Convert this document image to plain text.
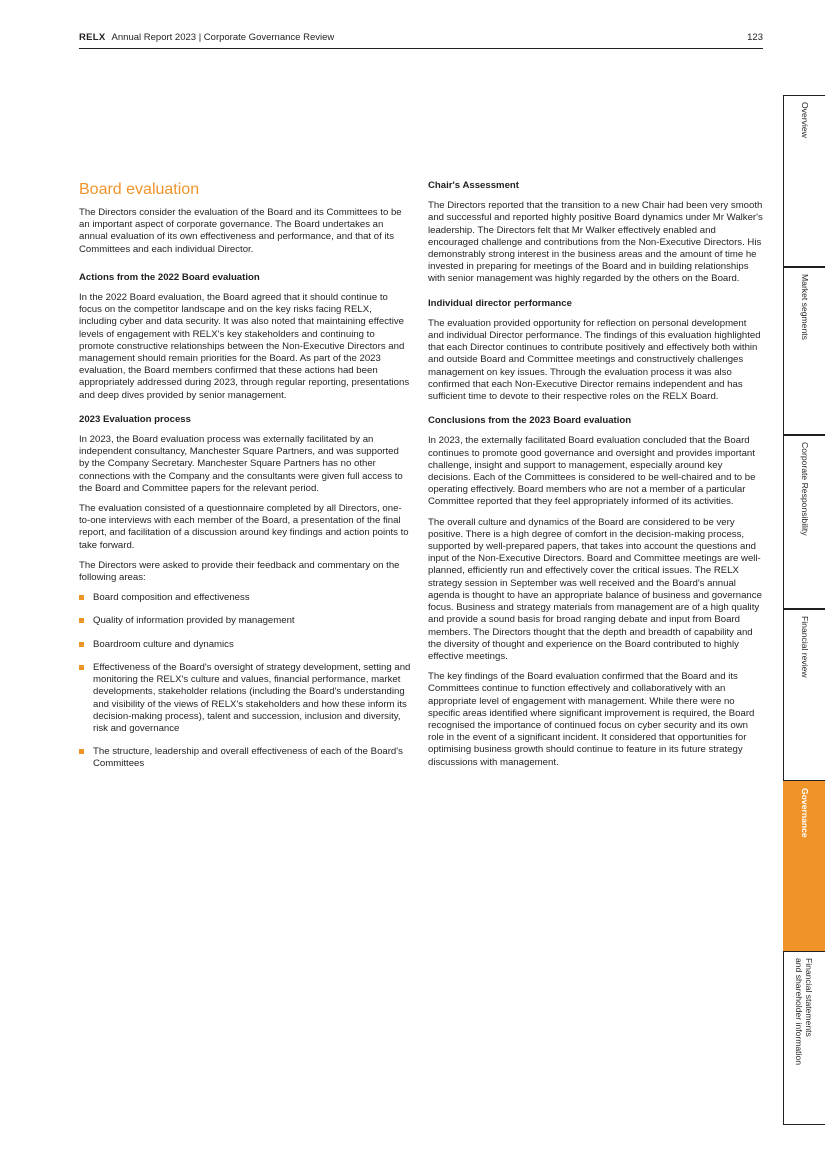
RELX Annual Report 2023 | Corporate Governance Review	123
Board evaluation

The Directors consider the evaluation of the Board and its Committees to be an important aspect of corporate governance. The Board undertakes an annual evaluation of its own effectiveness and performance, and that of its Committees and each individual Director.

Actions from the 2022 Board evaluation

In the 2022 Board evaluation, the Board agreed that it should continue to focus on the competitor landscape and on the key risks facing RELX, including cyber and data security. It was also noted that maintaining effective levels of engagement with RELX's key stakeholders and continuing to promote constructive relationships between the Non-Executive Directors and management should remain priorities for the Board. As part of the 2023 evaluation, the Board members confirmed that these actions had been appropriately addressed during 2023, through regular reporting, presentations and deep dives provided by senior management.

2023 Evaluation process

In 2023, the Board evaluation process was externally facilitated by an independent consultancy, Manchester Square Partners, and was supported by the Company Secretary. Manchester Square Partners has no other connections with the Company and the consultants were given full access to the Board and Committee papers for the relevant period.

The evaluation consisted of a questionnaire completed by all Directors, one-to-one interviews with each member of the Board, a presentation of the final report, and facilitation of a discussion around key findings and action points to take forward.

The Directors were asked to provide their feedback and commentary on the following areas:

Board composition and effectiveness
Quality of information provided by management
Boardroom culture and dynamics
Effectiveness of the Board's oversight of strategy development, setting and monitoring the RELX's culture and values, financial performance, market developments, stakeholder relations (including the Board's understanding and visibility of the views of RELX's stakeholders and how these inform its decision-making process), talent and succession, inclusion and diversity, risk and governance
The structure, leadership and overall effectiveness of each of the Board's Committees

Chair's Assessment

The Directors reported that the transition to a new Chair had been very smooth and successful and reported highly positive Board dynamics under Mr Walker's leadership. The Directors felt that Mr Walker effectively enabled and encouraged challenge and contributions from the Non-Executive Directors. His demonstrably strong interest in the business areas and the amount of time he invested in preparing for meetings of the Board and in building relationships with senior management was highly regarded by the others on the Board.

Individual director performance

The evaluation provided opportunity for reflection on personal development and individual Director performance. The findings of this evaluation highlighted that each Director continues to contribute positively and effectively both within and outside Board and Committee meetings and constructively challenges management on key issues. Through the evaluation process it was also confirmed that each Non-Executive Director remains independent and has sufficient time to devote to their respective roles on the RELX Board.

Conclusions from the 2023 Board evaluation

In 2023, the externally facilitated Board evaluation concluded that the Board continues to promote good governance and oversight and provides important challenge, insight and support to management, especially around key decisions. Each of the Committees is considered to be well-chaired and to be operating effectively. Board members who are not a member of a particular Committee reported that they feel appropriately informed of its activities.

The overall culture and dynamics of the Board are considered to be very positive. There is a high degree of comfort in the decision-making process, supported by well-prepared papers, that takes into account the questions and input of the Non-Executive Directors. Board and Committee meetings are well-planned, efficiently run and effectively cover the critical issues. The RELX strategy session in September was well received and the Board's annual agenda is thought to have an appropriate balance of business and governance focus. Business and strategy materials from management are of a high quality and provide a sound basis for broad ranging debate and input from Board members. The Directors thought that the depth and breadth of capability and the diversity of thought and experience on the Board contributed to highly effective meetings.

The key findings of the Board evaluation confirmed that the Board and its Committees continue to function effectively and collaboratively with an appropriate level of engagement with management. While there were no specific areas identified where significant improvement is required, the Board recognised the importance of continued focus on cyber security and its own role in the event of a significant incident. It considered that opportunities for optimising business growth should continue to feature in its future strategy discussions with management.

Overview
Market segments
Corporate Responsibility
Financial review
Governance
Financial statements
and shareholder information
